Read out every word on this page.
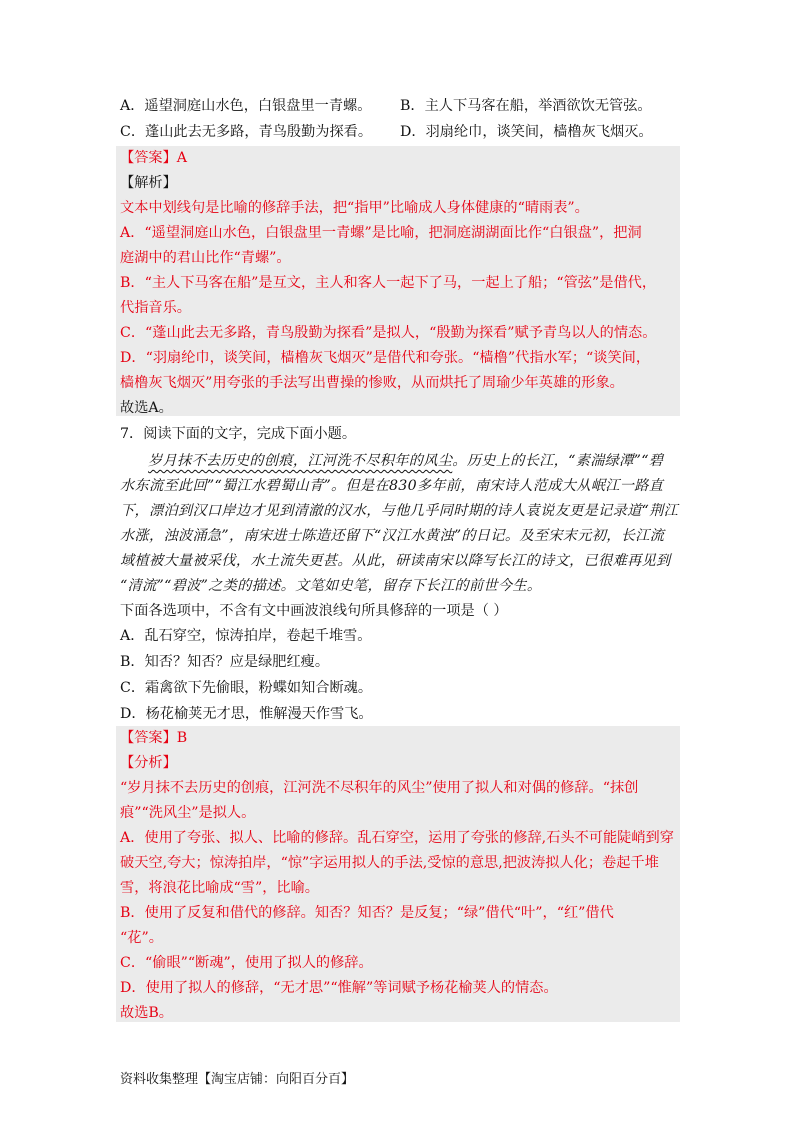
A．遥望洞庭山水色，白银盘里一青螺。 B．主人下马客在船，举酒欲饮无管弦。
C．蓬山此去无多路，青鸟殷勤为探看。 D．羽扇纶巾，谈笑间，樯橹灰飞烟灭。
【答案】A
【解析】
文本中划线句是比喻的修辞手法，把“指甲”比喻成人身体健康的“晴雨表”。
A．“遥望洞庭山水色，白银盘里一青螺”是比喻，把洞庭湖湖面比作“白银盘”，把洞
庭湖中的君山比作“青螺”。
B．“主人下马客在船”是互文，主人和客人一起下了马，一起上了船；“管弦”是借代，
代指音乐。
C．“蓬山此去无多路，青鸟殷勤为探看”是拟人，“殷勤为探看”赋予青鸟以人的情态。
D．“羽扇纶巾，谈笑间，樯橹灰飞烟灭”是借代和夸张。“樯橹”代指水军；“谈笑间，
樯橹灰飞烟灭”用夸张的手法写出曹操的惨败，从而烘托了周瑜少年英雄的形象。
故选A。
7．阅读下面的文字，完成下面小题。
岁月抹不去历史的创痕，江河洗不尽积年的风尘。历史上的长江，“素湍绿潭”“碧
水东流至此回”“蜀江水碧蜀山青”。但是在830多年前，南宋诗人范成大从岷江一路直
下，漂泊到汉口岸边才见到清澈的汉水，与他几乎同时期的诗人袁说友更是记录道“荆江
水涨，浊波涌急”，南宋进士陈造还留下“汉江水黄浊”的日记。及至宋末元初，长江流
域植被大量被采伐，水土流失更甚。从此，研读南宋以降写长江的诗文，已很难再见到
“清流”“碧波”之类的描述。文笔如史笔，留存下长江的前世今生。
下面各选项中，不含有文中画波浪线句所具修辞的一项是（ ）
A．乱石穿空，惊涛拍岸，卷起千堆雪。
B．知否？知否？应是绿肥红瘦。
C．霜禽欲下先偷眼，粉蝶如知合断魂。
D．杨花榆荚无才思，惟解漫天作雪飞。
【答案】B
【分析】
“岁月抹不去历史的创痕，江河洗不尽积年的风尘”使用了拟人和对偶的修辞。“抹创
痕”“洗风尘”是拟人。
A．使用了夸张、拟人、比喻的修辞。乱石穿空，运用了夸张的修辞,石头不可能陡峭到穿
破天空,夸大；惊涛拍岸，“惊”字运用拟人的手法,受惊的意思,把波涛拟人化；卷起千堆
雪，将浪花比喻成“雪”，比喻。
B．使用了反复和借代的修辞。知否？知否？是反复；“绿”借代“叶”，“红”借代
“花”。
C．“偷眼”“断魂”，使用了拟人的修辞。
D．使用了拟人的修辞，“无才思”“惟解”等词赋予杨花榆荚人的情态。
故选B。
资料收集整理【淘宝店铺：向阳百分百】
